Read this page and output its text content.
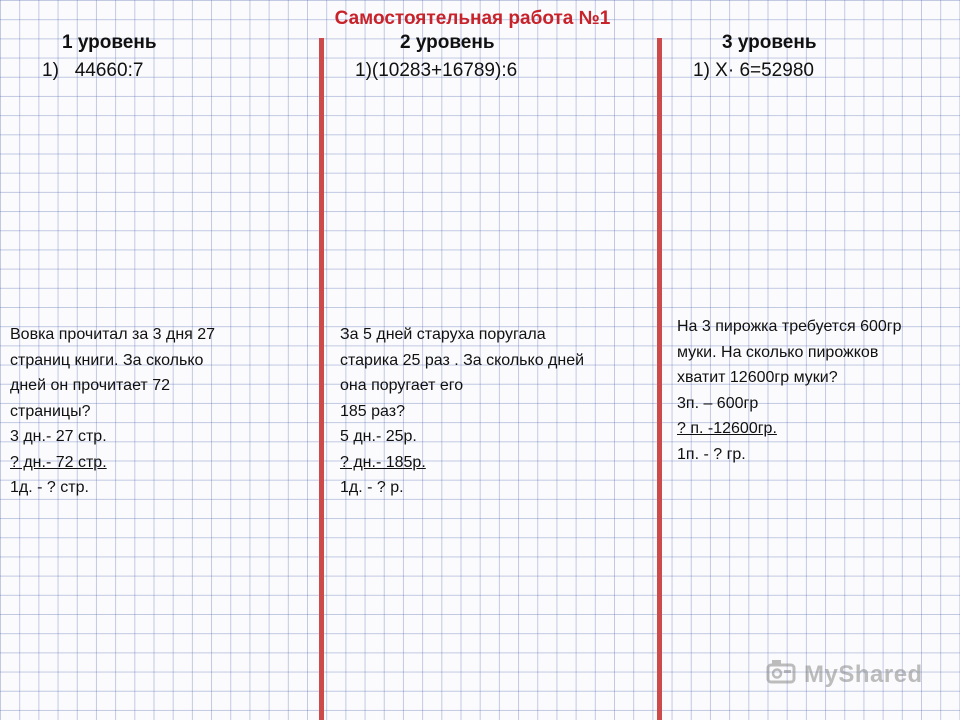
Самостоятельная работа №1
1 уровень
1)   44660:7
Вовка прочитал за 3 дня 27
страниц книги. За сколько
дней он прочитает 72
страницы?
3 дн.- 27 стр.
? дн.- 72 стр.
1д. - ? стр.
2 уровень
1)(10283+16789):6
За 5 дней старуха поругала
старика 25 раз . За сколько дней
она поругает его
185 раз?
5 дн.- 25р.
? дн.- 185р.
1д. - ? р.
3 уровень
1) Х· 6=52980
На 3 пирожка требуется 600гр
муки. На сколько пирожков
хватит 12600гр муки?
3п. – 600гр
? п. -12600гр.
1п. - ? гр.
MyShared
